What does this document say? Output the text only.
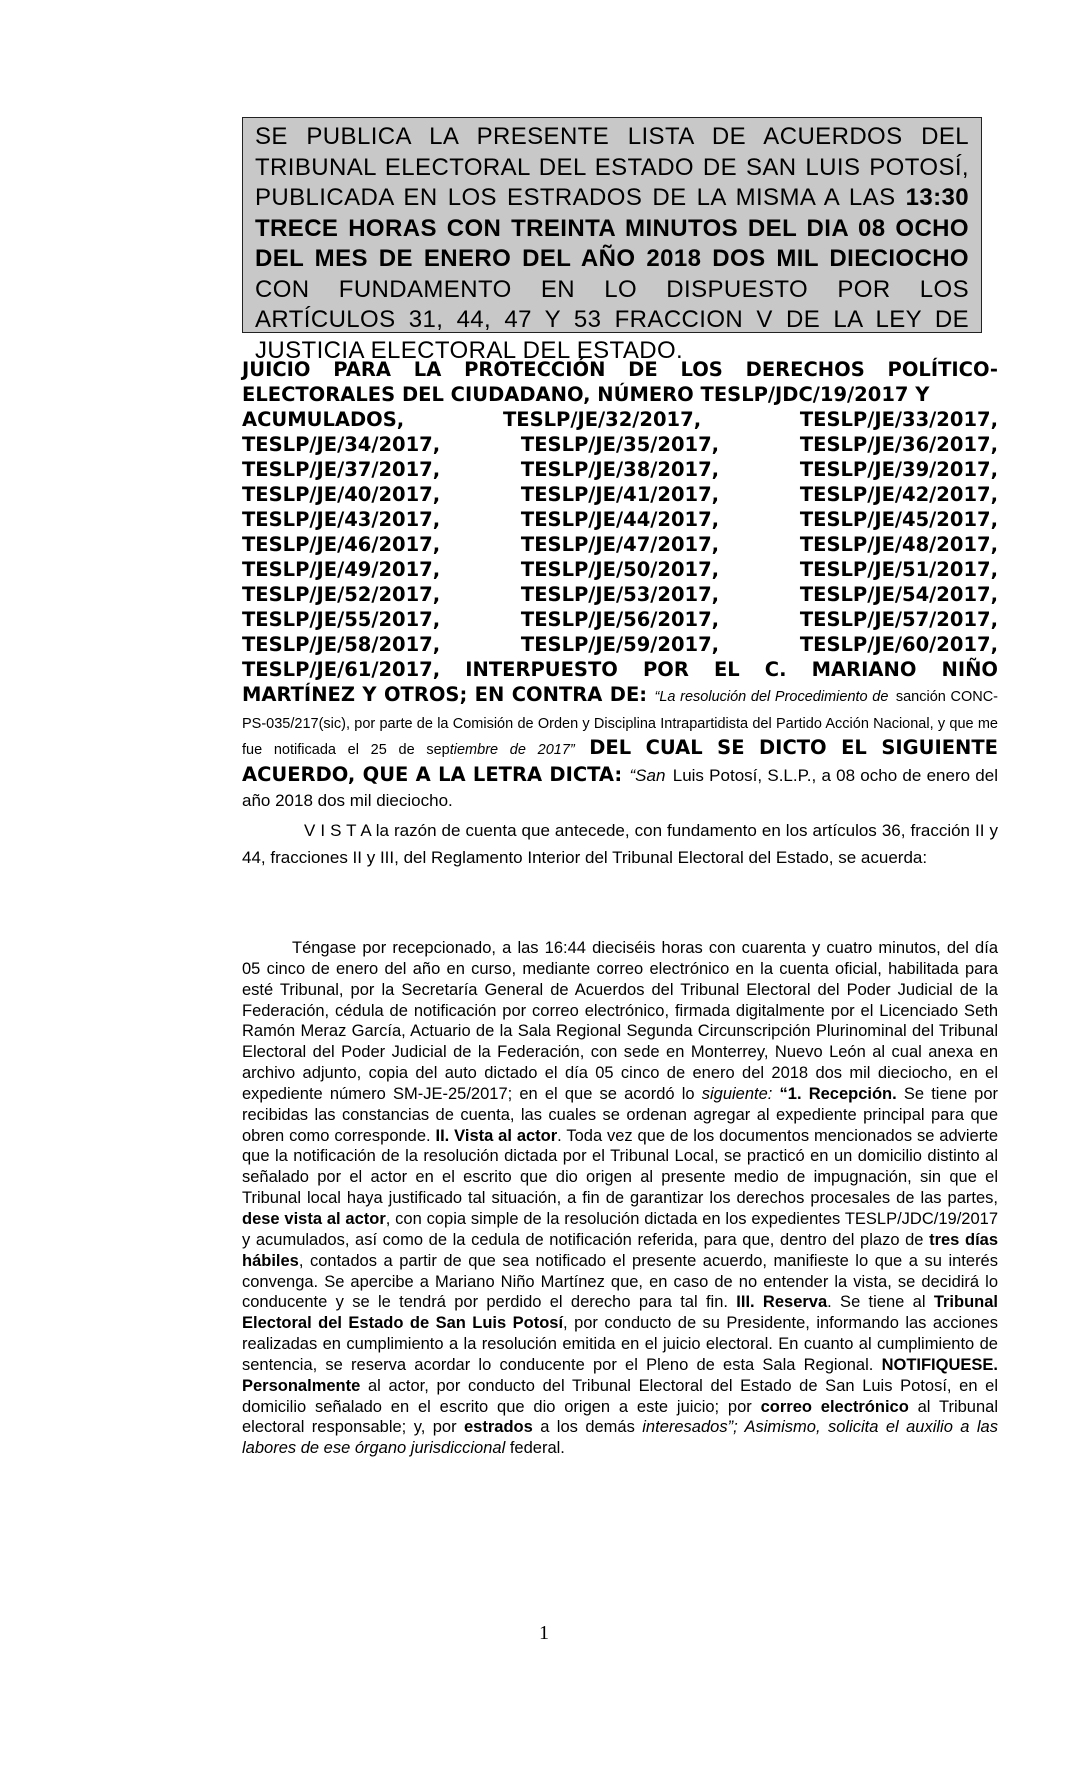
SE PUBLICA LA PRESENTE LISTA DE ACUERDOS DEL TRIBUNAL ELECTORAL DEL ESTADO DE SAN LUIS POTOSÍ, PUBLICADA EN LOS ESTRADOS DE LA MISMA A LAS 13:30 TRECE HORAS CON TREINTA MINUTOS DEL DIA 08 OCHO DEL MES DE ENERO DEL AÑO 2018 DOS MIL DIECIOCHO CON FUNDAMENTO EN LO DISPUESTO POR LOS ARTÍCULOS 31, 44, 47 Y 53 FRACCION V DE LA LEY DE JUSTICIA ELECTORAL DEL ESTADO.
JUICIO PARA LA PROTECCIÓN DE LOS DERECHOS POLÍTICO-ELECTORALES DEL CIUDADANO, NÚMERO TESLP/JDC/19/2017 Y
ACUMULADOS,	TESLP/JE/32/2017,	TESLP/JE/33/2017,
TESLP/JE/34/2017,	TESLP/JE/35/2017,	TESLP/JE/36/2017,
TESLP/JE/37/2017,	TESLP/JE/38/2017,	TESLP/JE/39/2017,
TESLP/JE/40/2017,	TESLP/JE/41/2017,	TESLP/JE/42/2017,
TESLP/JE/43/2017,	TESLP/JE/44/2017,	TESLP/JE/45/2017,
TESLP/JE/46/2017,	TESLP/JE/47/2017,	TESLP/JE/48/2017,
TESLP/JE/49/2017,	TESLP/JE/50/2017,	TESLP/JE/51/2017,
TESLP/JE/52/2017,	TESLP/JE/53/2017,	TESLP/JE/54/2017,
TESLP/JE/55/2017,	TESLP/JE/56/2017,	TESLP/JE/57/2017,
TESLP/JE/58/2017,	TESLP/JE/59/2017,	TESLP/JE/60/2017,
TESLP/JE/61/2017, INTERPUESTO POR EL C. MARIANO NIÑO
MARTÍNEZ Y OTROS; EN CONTRA DE: “La resolución del Procedimiento de sanción CONC-PS-035/217(sic), por parte de la Comisión de Orden y Disciplina Intrapartidista del Partido Acción Nacional, y que me fue notificada el 25 de septiembre de 2017” DEL CUAL SE DICTO EL SIGUIENTE ACUERDO, QUE A LA LETRA DICTA: “San Luis Potosí, S.L.P., a 08 ocho de enero del año 2018 dos mil dieciocho.
V I S T A la razón de cuenta que antecede, con fundamento en los artículos 36, fracción II y 44, fracciones II y III, del Reglamento Interior del Tribunal Electoral del Estado, se acuerda:
Téngase por recepcionado, a las 16:44 dieciséis horas con cuarenta y cuatro minutos, del día 05 cinco de enero del año en curso, mediante correo electrónico en la cuenta oficial, habilitada para esté Tribunal, por la Secretaría General de Acuerdos del Tribunal Electoral del Poder Judicial de la Federación, cédula de notificación por correo electrónico, firmada digitalmente por el Licenciado Seth Ramón Meraz García, Actuario de la Sala Regional Segunda Circunscripción Plurinominal del Tribunal Electoral del Poder Judicial de la Federación, con sede en Monterrey, Nuevo León al cual anexa en archivo adjunto, copia del auto dictado el día 05 cinco de enero del 2018 dos mil dieciocho, en el expediente número SM-JE-25/2017; en el que se acordó lo siguiente: “1. Recepción. Se tiene por recibidas las constancias de cuenta, las cuales se ordenan agregar al expediente principal para que obren como corresponde. II. Vista al actor. Toda vez que de los documentos mencionados se advierte que la notificación de la resolución dictada por el Tribunal Local, se practicó en un domicilio distinto al señalado por el actor en el escrito que dio origen al presente medio de impugnación, sin que el Tribunal local haya justificado tal situación, a fin de garantizar los derechos procesales de las partes, dese vista al actor, con copia simple de la resolución dictada en los expedientes TESLP/JDC/19/2017 y acumulados, así como de la cedula de notificación referida, para que, dentro del plazo de tres días hábiles, contados a partir de que sea notificado el presente acuerdo, manifieste lo que a su interés convenga. Se apercibe a Mariano Niño Martínez que, en caso de no entender la vista, se decidirá lo conducente y se le tendrá por perdido el derecho para tal fin. III. Reserva. Se tiene al Tribunal Electoral del Estado de San Luis Potosí, por conducto de su Presidente, informando las acciones realizadas en cumplimiento a la resolución emitida en el juicio electoral. En cuanto al cumplimiento de sentencia, se reserva acordar lo conducente por el Pleno de esta Sala Regional. NOTIFIQUESE. Personalmente al actor, por conducto del Tribunal Electoral del Estado de San Luis Potosí, en el domicilio señalado en el escrito que dio origen a este juicio; por correo electrónico al Tribunal electoral responsable; y, por estrados a los demás interesados”; Asimismo, solicita el auxilio a las labores de ese órgano jurisdiccional federal.
1
